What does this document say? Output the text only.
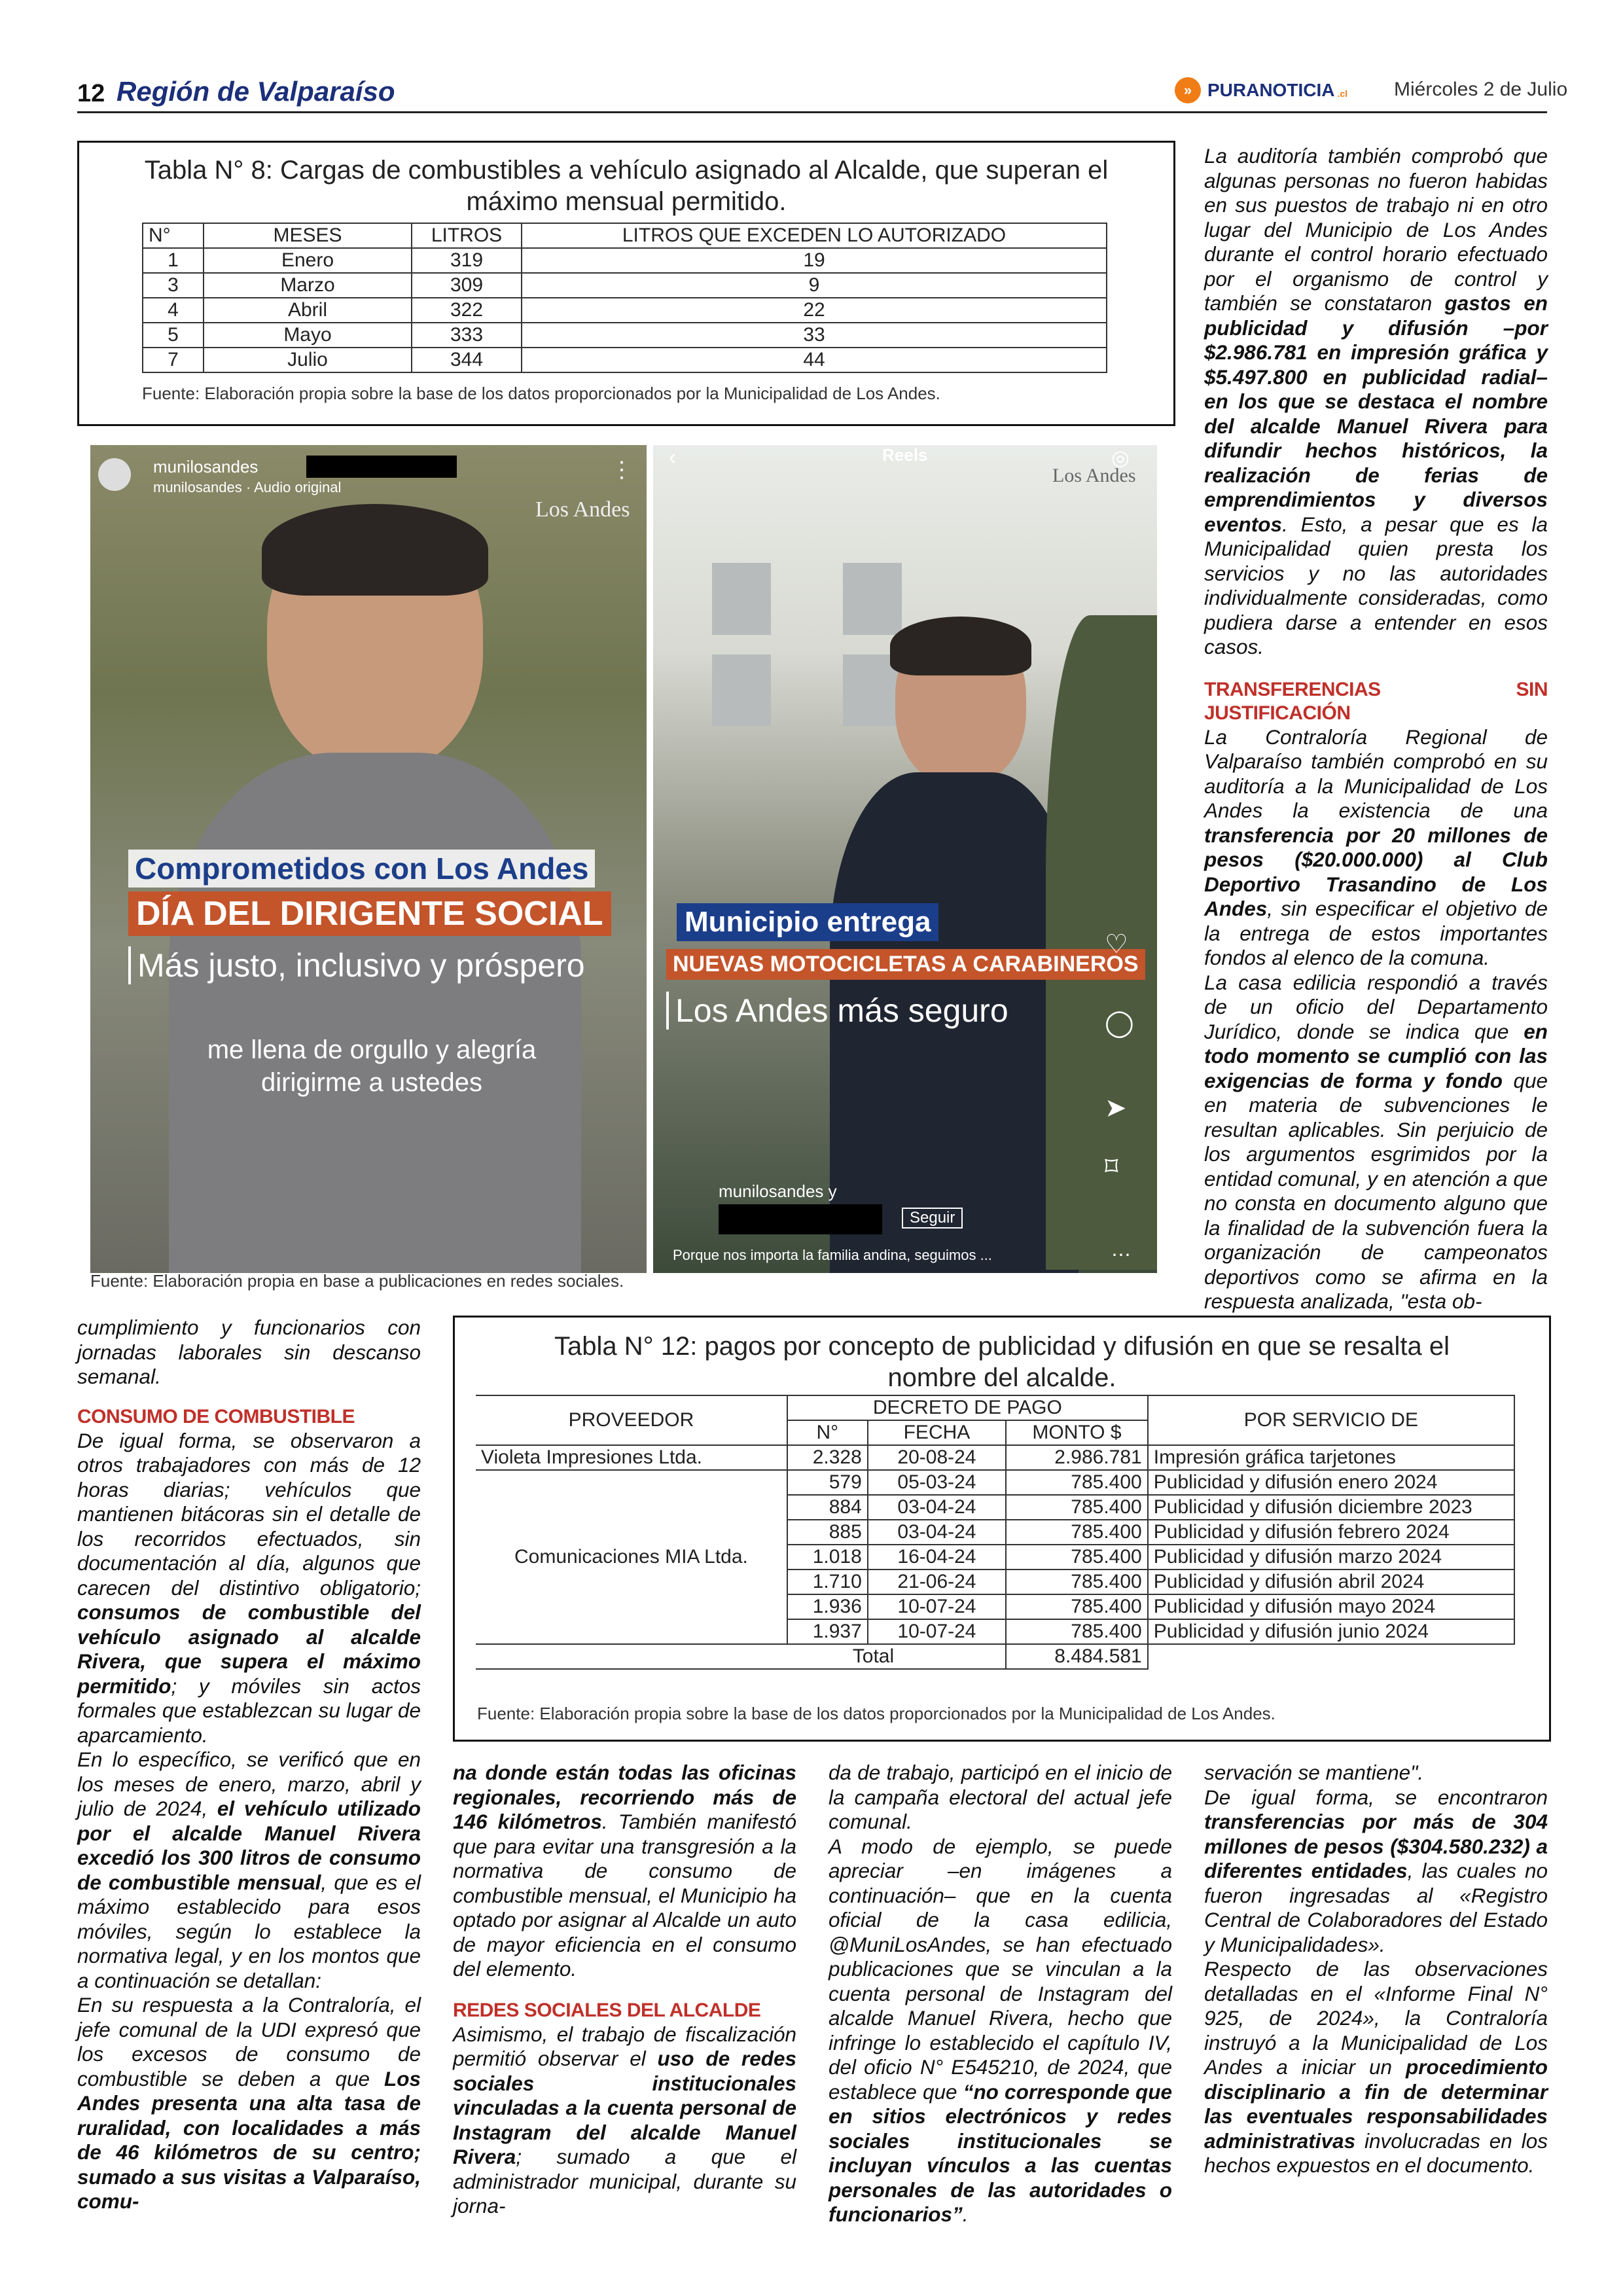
12 Región de Valparaíso	» PURANOTICIA .cl Miércoles 2 de Julio
Tabla N° 8: Cargas de combustibles a vehículo asignado al Alcalde, que superan el
máximo mensual permitido.
N°	MESES	LITROS	LITROS QUE EXCEDEN LO AUTORIZADO
1	Enero	319	19
3	Marzo	309	9
4	Abril	322	22
5	Mayo	333	33
7	Julio	344	44
Fuente: Elaboración propia sobre la base de los datos proporcionados por la Municipalidad de Los Andes.
munilosandes
munilosandes · Audio original
⋮
Los Andes
Comprometidos con Los Andes
DÍA DEL DIRIGENTE SOCIAL
Más justo, inclusivo y próspero
me llena de orgullo y alegría
dirigirme a ustedes
‹	Reels	◎
Los Andes
Municipio entrega
NUEVAS MOTOCICLETAS A CARABINEROS
Los Andes más seguro
♡
◯
➤
⌑
munilosandes y
Seguir
Porque nos importa la familia andina, seguimos ...	⋯
Fuente: Elaboración propia en base a publicaciones en redes sociales.

La auditoría también comprobó que algunas personas no fueron habidas en sus puestos de trabajo ni en otro lugar del Municipio de Los Andes durante el control horario efectuado por el organismo de control y también se constataron gastos en publicidad y difusión –por $2.986.781 en impresión gráfica y $5.497.800 en publicidad radial– en los que se destaca el nombre del alcalde Manuel Rivera para difundir hechos históricos, la realización de ferias de emprendimientos y diversos eventos. Esto, a pesar que es la Municipalidad quien presta los servicios y no las autoridades individualmente consideradas, como pudiera darse a entender en esos casos.

TRANSFERENCIAS SIN JUSTIFICACIÓN

La Contraloría Regional de Valparaíso también comprobó en su auditoría a la Municipalidad de Los Andes la existencia de una transferencia por 20 millones de pesos ($20.000.000) al Club Deportivo Trasandino de Los Andes, sin especificar el objetivo de la entrega de estos importantes fondos al elenco de la comuna.

La casa edilicia respondió a través de un oficio del Departamento Jurídico, donde se indica que en todo momento se cumplió con las exigencias de forma y fondo que en materia de subvenciones le resultan aplicables. Sin perjuicio de los argumentos esgrimidos por la entidad comunal, y en atención a que no consta en documento alguno que la finalidad de la subvención fuera la organización de campeonatos deportivos como se afirma en la respuesta analizada, "esta ob-

Tabla N° 12: pagos por concepto de publicidad y difusión en que se resalta el
nombre del alcalde.
PROVEEDOR	DECRETO DE PAGO			POR SERVICIO DE
	N°	FECHA	MONTO $	
Violeta Impresiones Ltda.	2.328	20-08-24	2.986.781	Impresión gráfica tarjetones
Comunicaciones MIA Ltda.	579	05-03-24	785.400	Publicidad y difusión enero 2024
	884	03-04-24	785.400	Publicidad y difusión diciembre 2023
	885	03-04-24	785.400	Publicidad y difusión febrero 2024
	1.018	16-04-24	785.400	Publicidad y difusión marzo 2024
	1.710	21-06-24	785.400	Publicidad y difusión abril 2024
	1.936	10-07-24	785.400	Publicidad y difusión mayo 2024
	1.937	10-07-24	785.400	Publicidad y difusión junio 2024
Total			8.484.581	
Fuente: Elaboración propia sobre la base de los datos proporcionados por la Municipalidad de Los Andes.

cumplimiento y funcionarios con jornadas laborales sin descanso semanal.

CONSUMO DE COMBUSTIBLE

De igual forma, se observaron a otros trabajadores con más de 12 horas diarias; vehículos que mantienen bitácoras sin el detalle de los recorridos efectuados, sin documentación al día, algunos que carecen del distintivo obligatorio; consumos de combustible del vehículo asignado al alcalde Rivera, que supera el máximo permitido; y móviles sin actos formales que establezcan su lugar de aparcamiento.

En lo específico, se verificó que en los meses de enero, marzo, abril y julio de 2024, el vehículo utilizado por el alcalde Manuel Rivera excedió los 300 litros de consumo de combustible mensual, que es el máximo establecido para esos móviles, según lo establece la normativa legal, y en los montos que a continuación se detallan:

En su respuesta a la Contraloría, el jefe comunal de la UDI expresó que los excesos de consumo de combustible se deben a que Los Andes presenta una alta tasa de ruralidad, con localidades a más de 46 kilómetros de su centro; sumado a sus visitas a Valparaíso, comu-

na donde están todas las oficinas regionales, recorriendo más de 146 kilómetros. También manifestó que para evitar una transgresión a la normativa de consumo de combustible mensual, el Municipio ha optado por asignar al Alcalde un auto de mayor eficiencia en el consumo del elemento.

REDES SOCIALES DEL ALCALDE

Asimismo, el trabajo de fiscalización permitió observar el uso de redes sociales institucionales vinculadas a la cuenta personal de Instagram del alcalde Manuel Rivera; sumado a que el administrador municipal, durante su jorna-

da de trabajo, participó en el inicio de la campaña electoral del actual jefe comunal.

A modo de ejemplo, se puede apreciar –en imágenes a continuación– que en la cuenta oficial de la casa edilicia, @MuniLosAndes, se han efectuado publicaciones que se vinculan a la cuenta personal de Instagram del alcalde Manuel Rivera, hecho que infringe lo establecido el capítulo IV, del oficio N° E545210, de 2024, que establece que “no corresponde que en sitios electrónicos y redes sociales institucionales se incluyan vínculos a las cuentas personales de las autoridades o funcionarios”.

servación se mantiene".

De igual forma, se encontraron transferencias por más de 304 millones de pesos ($304.580.232) a diferentes entidades, las cuales no fueron ingresadas al «Registro Central de Colaboradores del Estado y Municipalidades».

Respecto de las observaciones detalladas en el «Informe Final N° 925, de 2024», la Contraloría instruyó a la Municipalidad de Los Andes a iniciar un procedimiento disciplinario a fin de determinar las eventuales responsabilidades administrativas involucradas en los hechos expuestos en el documento.
